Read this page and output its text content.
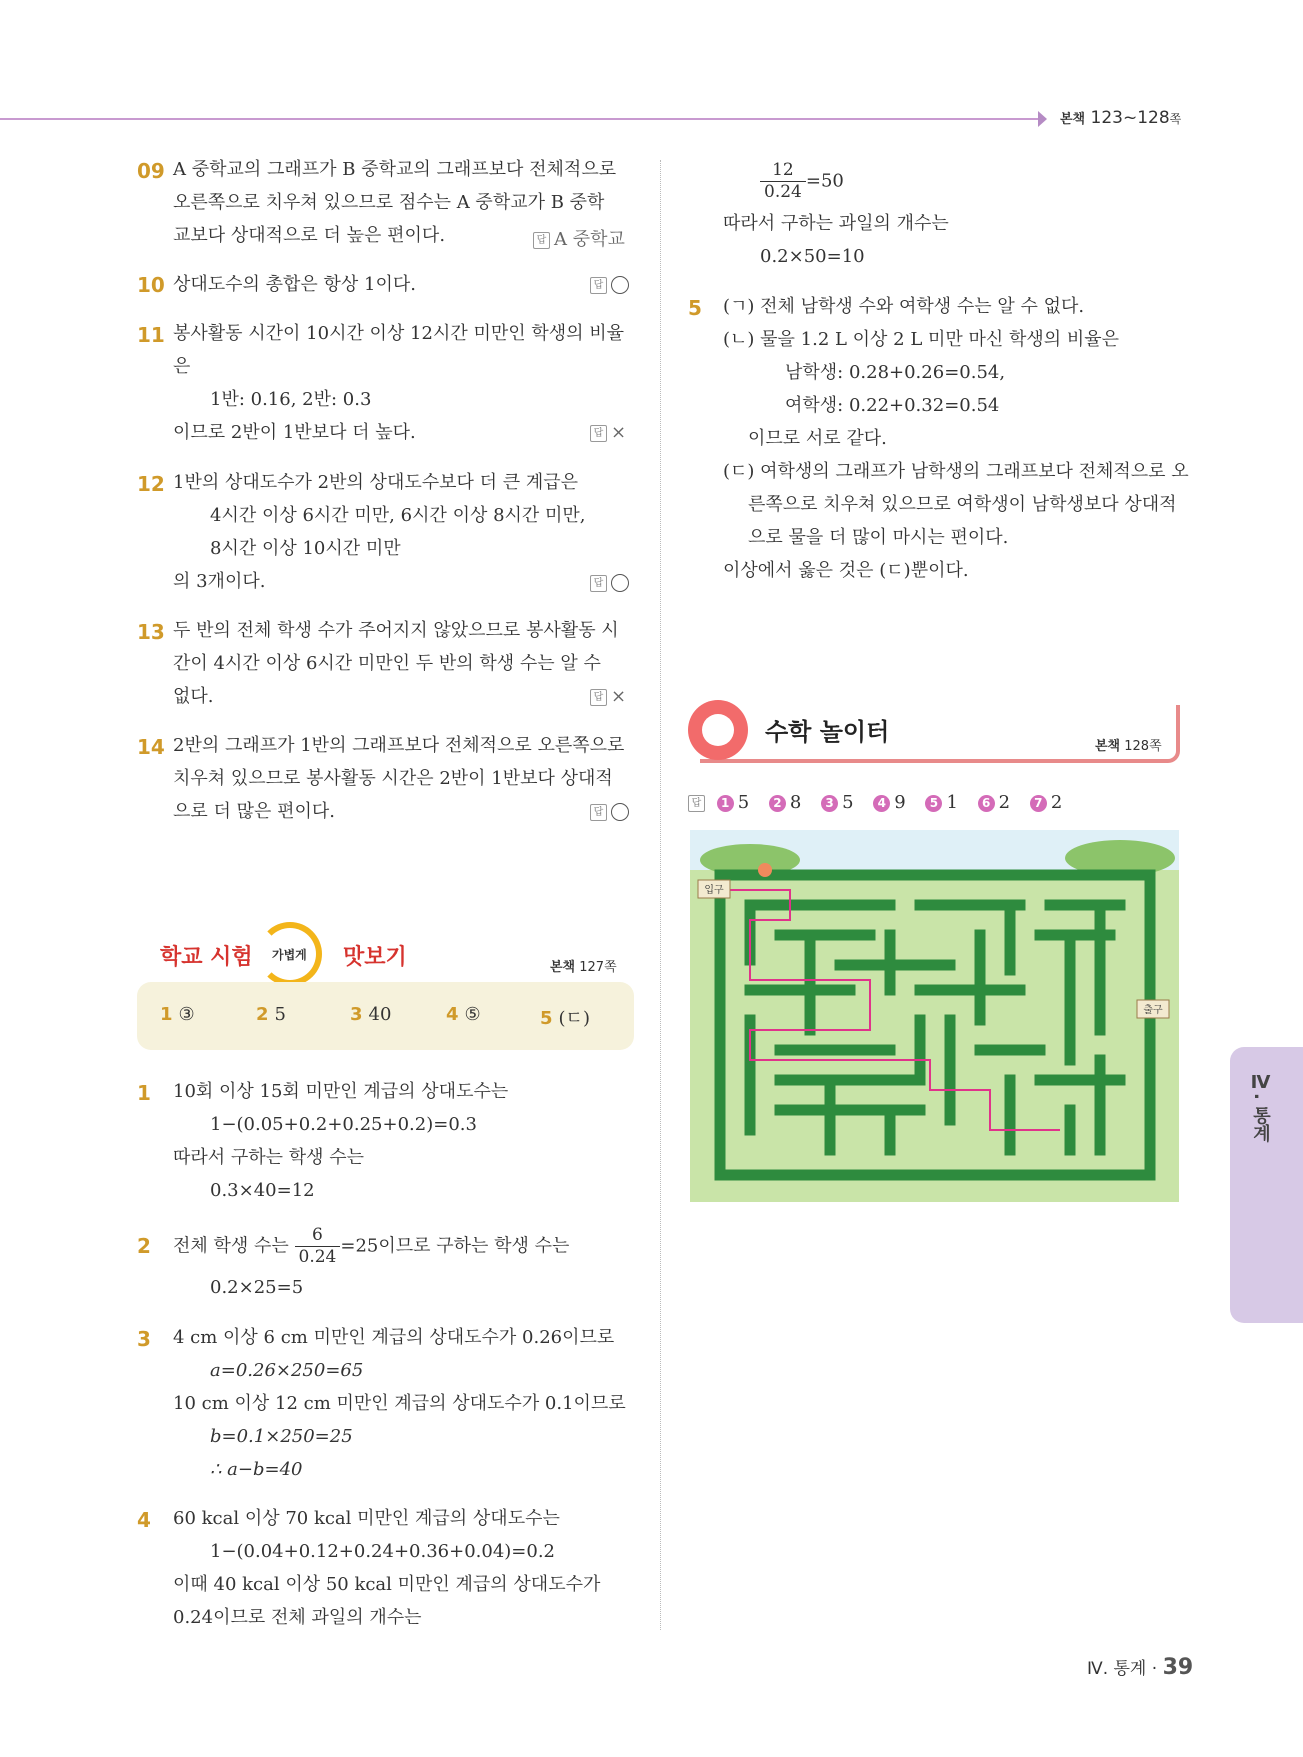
본책 123~128쪽
09 A 중학교의 그래프가 B 중학교의 그래프보다 전체적으로
오른쪽으로 치우쳐 있으므로 점수는 A 중학교가 B 중학
교보다 상대적으로 더 높은 편이다.	답 A 중학교
10 상대도수의 총합은 항상 1이다.	답
11 봉사활동 시간이 10시간 이상 12시간 미만인 학생의 비율
은
1반: 0.16, 2반: 0.3
이므로 2반이 1반보다 더 높다.	답 ×
12 1반의 상대도수가 2반의 상대도수보다 더 큰 계급은
4시간 이상 6시간 미만, 6시간 이상 8시간 미만,
8시간 이상 10시간 미만
의 3개이다.	답
13 두 반의 전체 학생 수가 주어지지 않았으므로 봉사활동 시
간이 4시간 이상 6시간 미만인 두 반의 학생 수는 알 수
없다.	답 ×
14 2반의 그래프가 1반의 그래프보다 전체적으로 오른쪽으로
치우쳐 있으므로 봉사활동 시간은 2반이 1반보다 상대적
으로 더 많은 편이다.	답
학교 시험 가볍게 맛보기	본책 127쪽
1 ③	2 5	3 40	4 ⑤	5 (ㄷ)
1 10회 이상 15회 미만인 계급의 상대도수는
1−(0.05+0.2+0.25+0.2)=0.3
따라서 구하는 학생 수는
0.3×40=12
2 전체 학생 수는 $\frac{6}{0.24} =25$이므로 구하는 학생 수는
0.2×25=5
3 4 cm 이상 6 cm 미만인 계급의 상대도수가 0.26이므로
a=0.26×250=65
10 cm 이상 12 cm 미만인 계급의 상대도수가 0.1이므로
b=0.1×250=25
∴ a−b=40
4 60 kcal 이상 70 kcal 미만인 계급의 상대도수는
1−(0.04+0.12+0.24+0.36+0.04)=0.2
이때 40 kcal 이상 50 kcal 미만인 계급의 상대도수가
0.24이므로 전체 과일의 개수는
$\frac{12}{0.24} =50$
따라서 구하는 과일의 개수는
0.2×50=10
5 (ㄱ) 전체 남학생 수와 여학생 수는 알 수 없다.
(ㄴ) 물을 1.2 L 이상 2 L 미만 마신 학생의 비율은
남학생: 0.28+0.26=0.54,
여학생: 0.22+0.32=0.54
이므로 서로 같다.
(ㄷ) 여학생의 그래프가 남학생의 그래프보다 전체적으로 오
른쪽으로 치우쳐 있으므로 여학생이 남학생보다 상대적
으로 물을 더 많이 마시는 편이다.
이상에서 옳은 것은 (ㄷ)뿐이다.
수학 놀이터
본책 128쪽
답 1 5 2 8 3 5 4 9 5 1 6 2 7 2
입구
출구
Ⅳ. 통계
Ⅳ. 통계 · 39
